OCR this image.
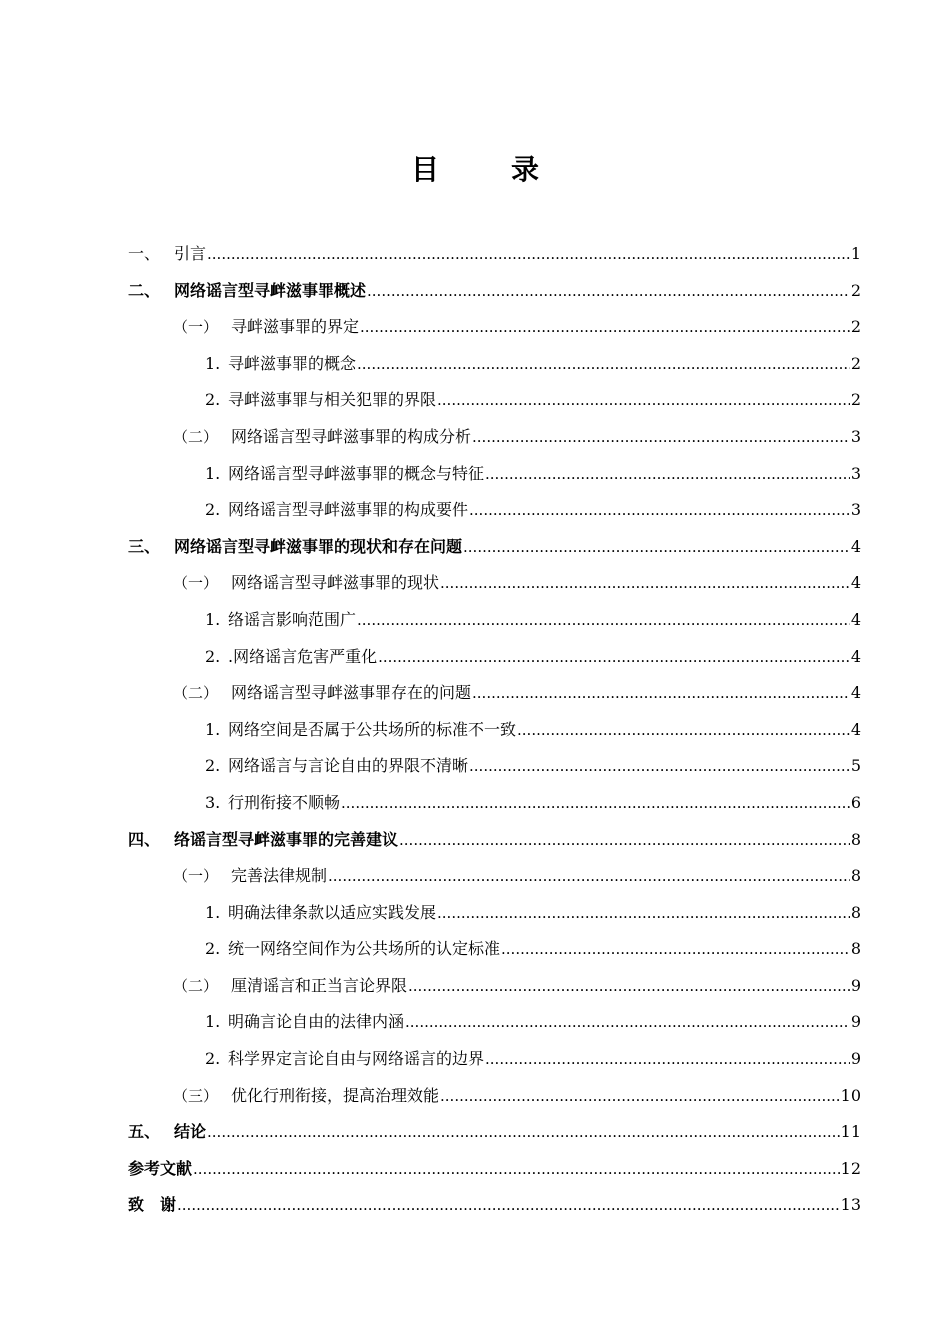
目　录
一、 引言 .....	1
二、 网络谣言型寻衅滋事罪概述 .....	2
（一） 寻衅滋事罪的界定 .....	2
1. 寻衅滋事罪的概念 .....	2
2. 寻衅滋事罪与相关犯罪的界限 .....	2
（二） 网络谣言型寻衅滋事罪的构成分析 .....	3
1. 网络谣言型寻衅滋事罪的概念与特征 .....	3
2. 网络谣言型寻衅滋事罪的构成要件 .....	3
三、 网络谣言型寻衅滋事罪的现状和存在问题 .....	4
（一） 网络谣言型寻衅滋事罪的现状 .....	4
1. 络谣言影响范围广 .....	4
2. .网络谣言危害严重化 .....	4
（二） 网络谣言型寻衅滋事罪存在的问题 .....	4
1. 网络空间是否属于公共场所的标准不一致 .....	4
2. 网络谣言与言论自由的界限不清晰 .....	5
3. 行刑衔接不顺畅 .....	6
四、 络谣言型寻衅滋事罪的完善建议 .....	8
（一） 完善法律规制 .....	8
1. 明确法律条款以适应实践发展 .....	8
2. 统一网络空间作为公共场所的认定标准 .....	8
（二） 厘清谣言和正当言论界限 .....	9
1. 明确言论自由的法律内涵 .....	9
2. 科学界定言论自由与网络谣言的边界 .....	9
（三） 优化行刑衔接，提高治理效能 .....	10
五、 结论 .....	11
参考文献 .....	12
致　谢 .....	13
